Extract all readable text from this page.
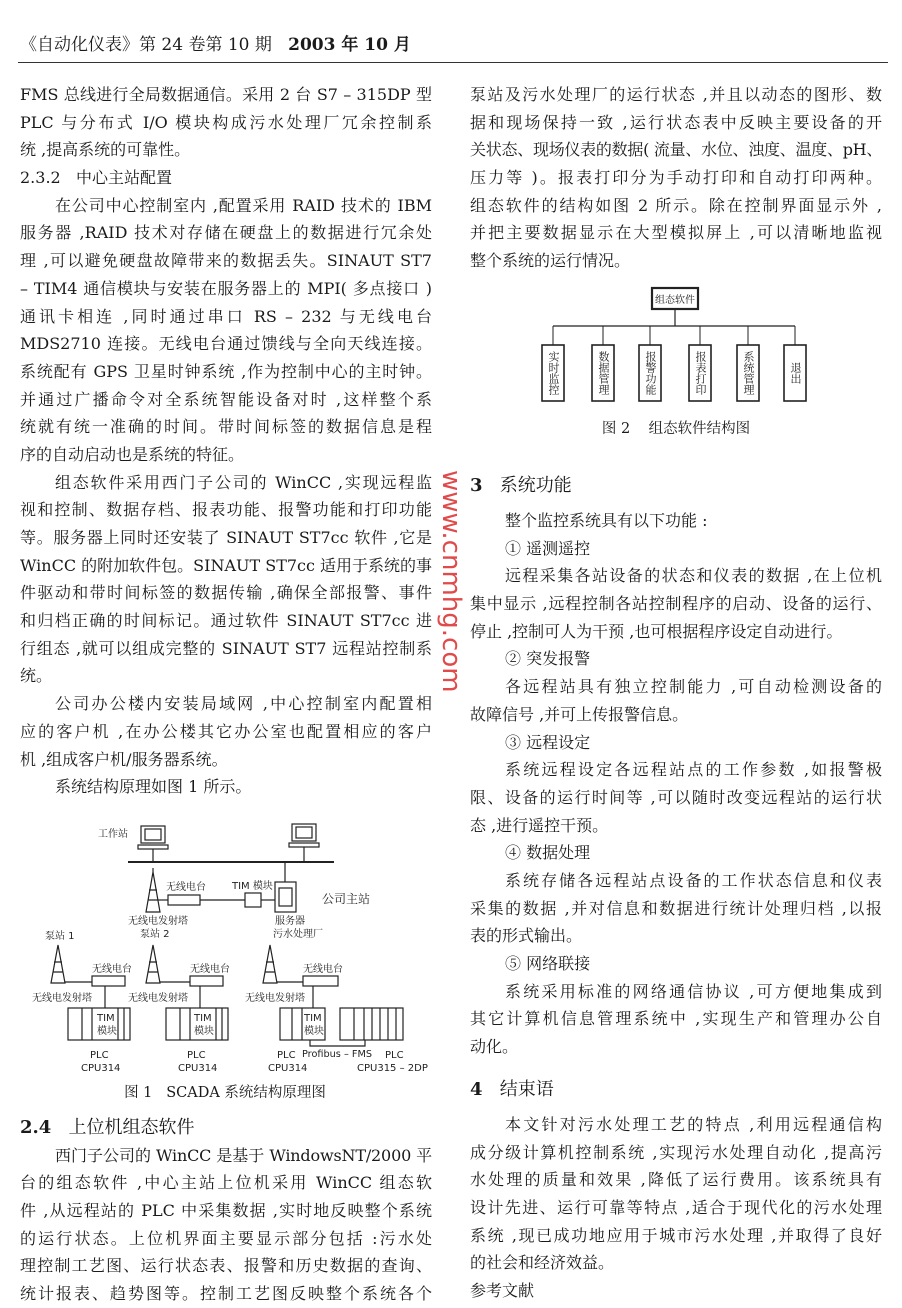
《自动化仪表》第 24 卷第 10 期 2003 年 10 月
FMS 总线进行全局数据通信。采用 2 台 S7 – 315DP 型
PLC 与分布式 I/O 模块构成污水处理厂冗余控制系
统 ,提高系统的可靠性。
2.3.2   中心主站配置
在公司中心控制室内 ,配置采用 RAID 技术的 IBM
服务器 ,RAID 技术对存储在硬盘上的数据进行冗余处
理 ,可以避免硬盘故障带来的数据丢失。SINAUT ST7
– TIM4 通信模块与安装在服务器上的 MPI( 多点接口 )
通讯卡相连 ,同时通过串口 RS – 232 与无线电台
MDS2710 连接。无线电台通过馈线与全向天线连接。
系统配有 GPS 卫星时钟系统 ,作为控制中心的主时钟。
并通过广播命令对全系统智能设备对时 ,这样整个系
统就有统一准确的时间。带时间标签的数据信息是程
序的自动启动也是系统的特征。
组态软件采用西门子公司的 WinCC ,实现远程监
视和控制、数据存档、报表功能、报警功能和打印功能
等。服务器上同时还安装了 SINAUT ST7cc 软件 ,它是
WinCC 的附加软件包。SINAUT ST7cc 适用于系统的事
件驱动和带时间标签的数据传输 ,确保全部报警、事件
和归档正确的时间标记。通过软件 SINAUT ST7cc 进
行组态 ,就可以组成完整的 SINAUT ST7 远程站控制系
统。
公司办公楼内安装局域网 ,中心控制室内配置相
应的客户机 ,在办公楼其它办公室也配置相应的客户
机 ,组成客户机/服务器系统。
系统结构原理如图 1 所示。
工作站
无线电台	TIM 模块
公司主站
无线电发射塔
泵站 2
服务器
污水处理厂
泵站 1
无线电台	无线电台	无线电台
无线电发射塔	无线电发射塔	无线电发射塔
TIM
模块
TIM
模块
TIM
模块
PLC
CPU314
PLC
CPU314
PLC
CPU314
Profibus – FMS PLC
CPU315 – 2DP
图 1   SCADA 系统结构原理图
2.4 上位机组态软件
西门子公司的 WinCC 是基于 WindowsNT/2000 平
台的组态软件 ,中心主站上位机采用 WinCC 组态软
件 ,从远程站的 PLC 中采集数据 ,实时地反映整个系统
的运行状态。上位机界面主要显示部分包括 :污水处
理控制工艺图、运行状态表、报警和历史数据的查询、
统计报表、趋势图等。控制工艺图反映整个系统各个
泵站及污水处理厂的运行状态 ,并且以动态的图形、数
据和现场保持一致 ,运行状态表中反映主要设备的开
关状态、现场仪表的数据( 流量、水位、浊度、温度、pH、
压力等 )。报表打印分为手动打印和自动打印两种。
组态软件的结构如图 2 所示。除在控制界面显示外 ,
并把主要数据显示在大型模拟屏上 ,可以清晰地监视
整个系统的运行情况。
组态软件
实时监控	数据管理	报警功能	报表打印	系统管理	退出
图 2    组态软件结构图
3 系统功能
整个监控系统具有以下功能 :
① 遥测遥控
远程采集各站设备的状态和仪表的数据 ,在上位机
集中显示 ,远程控制各站控制程序的启动、设备的运行、
停止 ,控制可人为干预 ,也可根据程序设定自动进行。
② 突发报警
各远程站具有独立控制能力 ,可自动检测设备的
故障信号 ,并可上传报警信息。
③ 远程设定
系统远程设定各远程站点的工作参数 ,如报警极
限、设备的运行时间等 ,可以随时改变远程站的运行状
态 ,进行遥控干预。
④ 数据处理
系统存储各远程站点设备的工作状态信息和仪表
采集的数据 ,并对信息和数据进行统计处理归档 ,以报
表的形式输出。
⑤ 网络联接
系统采用标准的网络通信协议 ,可方便地集成到
其它计算机信息管理系统中 ,实现生产和管理办公自
动化。
4 结束语
本文针对污水处理工艺的特点 ,利用远程通信构
成分级计算机控制系统 ,实现污水处理自动化 ,提高污
水处理的质量和效果 ,降低了运行费用。该系统具有
设计先进、运行可靠等特点 ,适合于现代化的污水处理
系统 ,现已成功地应用于城市污水处理 ,并取得了良好
的社会和经济效益。
参考文献
www.cnmhg.com
